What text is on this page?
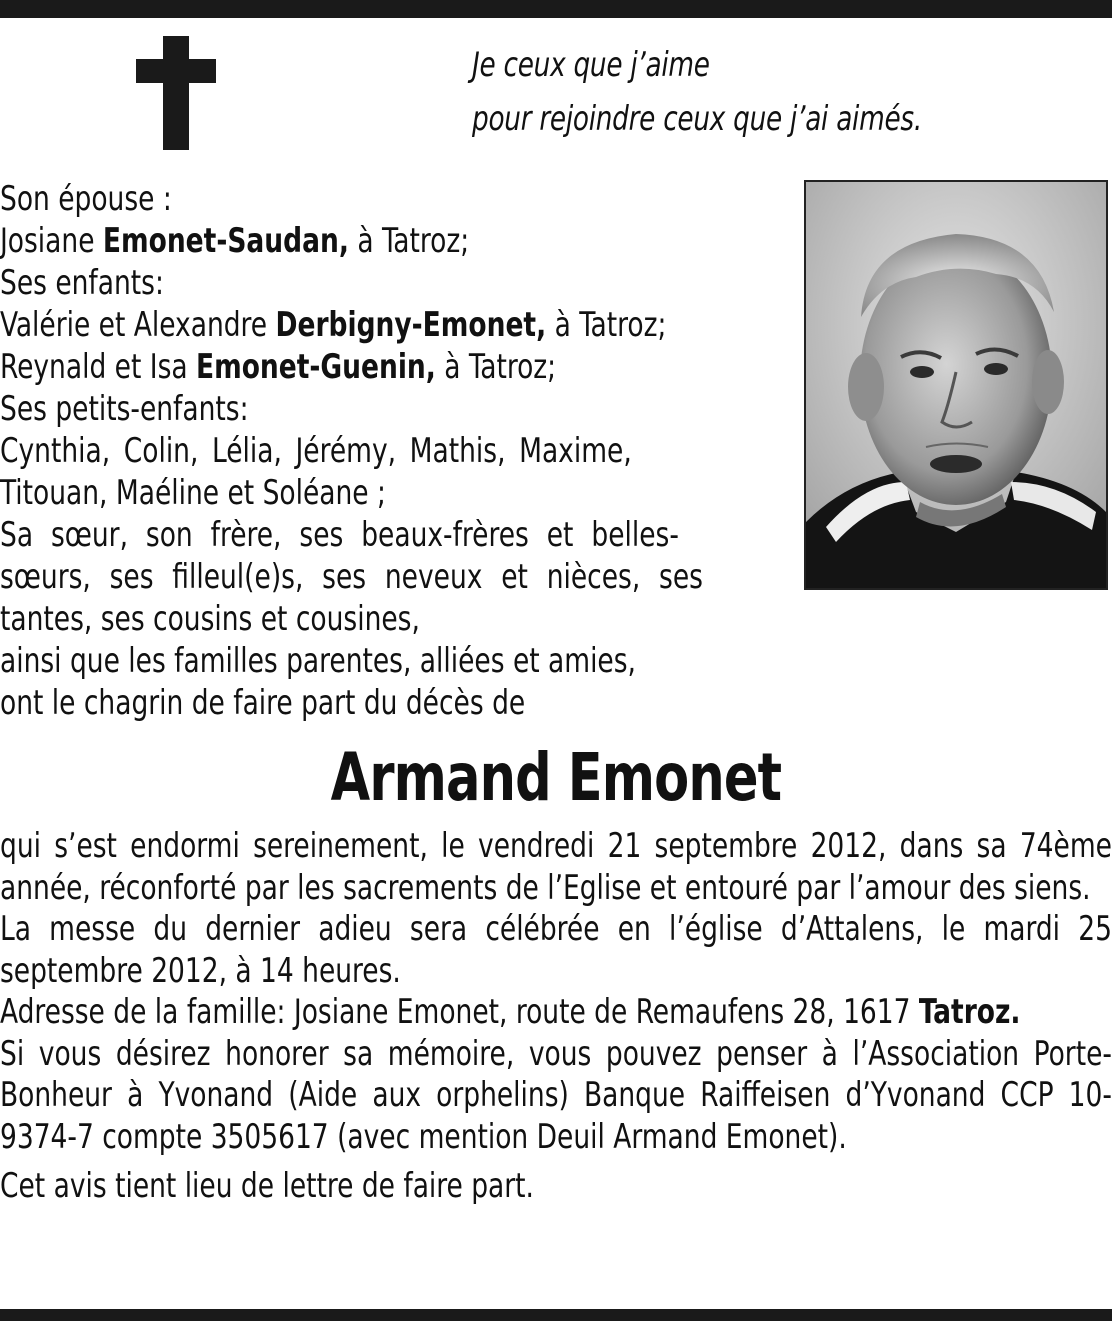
Je ceux que j’aime
pour rejoindre ceux que j’ai aimés.

Son épouse :

Josiane Emonet-Saudan, à Tatroz;

Ses enfants:

Valérie et Alexandre Derbigny-Emonet, à Tatroz;

Reynald et Isa Emonet-Guenin, à Tatroz;

Ses petits-enfants:

Cynthia, Colin, Lélia, Jérémy, Mathis, Maxime,

Titouan, Maéline et Soléane ;

Sa sœur, son frère, ses beaux-frères et belles-

sœurs, ses filleul(e)s, ses neveux et nièces, ses

tantes, ses cousins et cousines,

ainsi que les familles parentes, alliées et amies,

ont le chagrin de faire part du décès de

Armand Emonet

qui s’est endormi sereinement, le vendredi 21 septembre 2012, dans sa 74ème année, réconforté par les sacrements de l’Eglise et entouré par l’amour des siens.

La messe du dernier adieu sera célébrée en l’église d’Attalens, le mardi 25 septembre 2012, à 14 heures.

Adresse de la famille: Josiane Emonet, route de Remaufens 28, 1617 Tatroz.

Si vous désirez honorer sa mémoire, vous pouvez penser à l’Association Porte-Bonheur à Yvonand (Aide aux orphelins) Banque Raiffeisen d’Yvonand CCP 10-9374-7 compte 3505617 (avec mention Deuil Armand Emonet).

Cet avis tient lieu de lettre de faire part.
